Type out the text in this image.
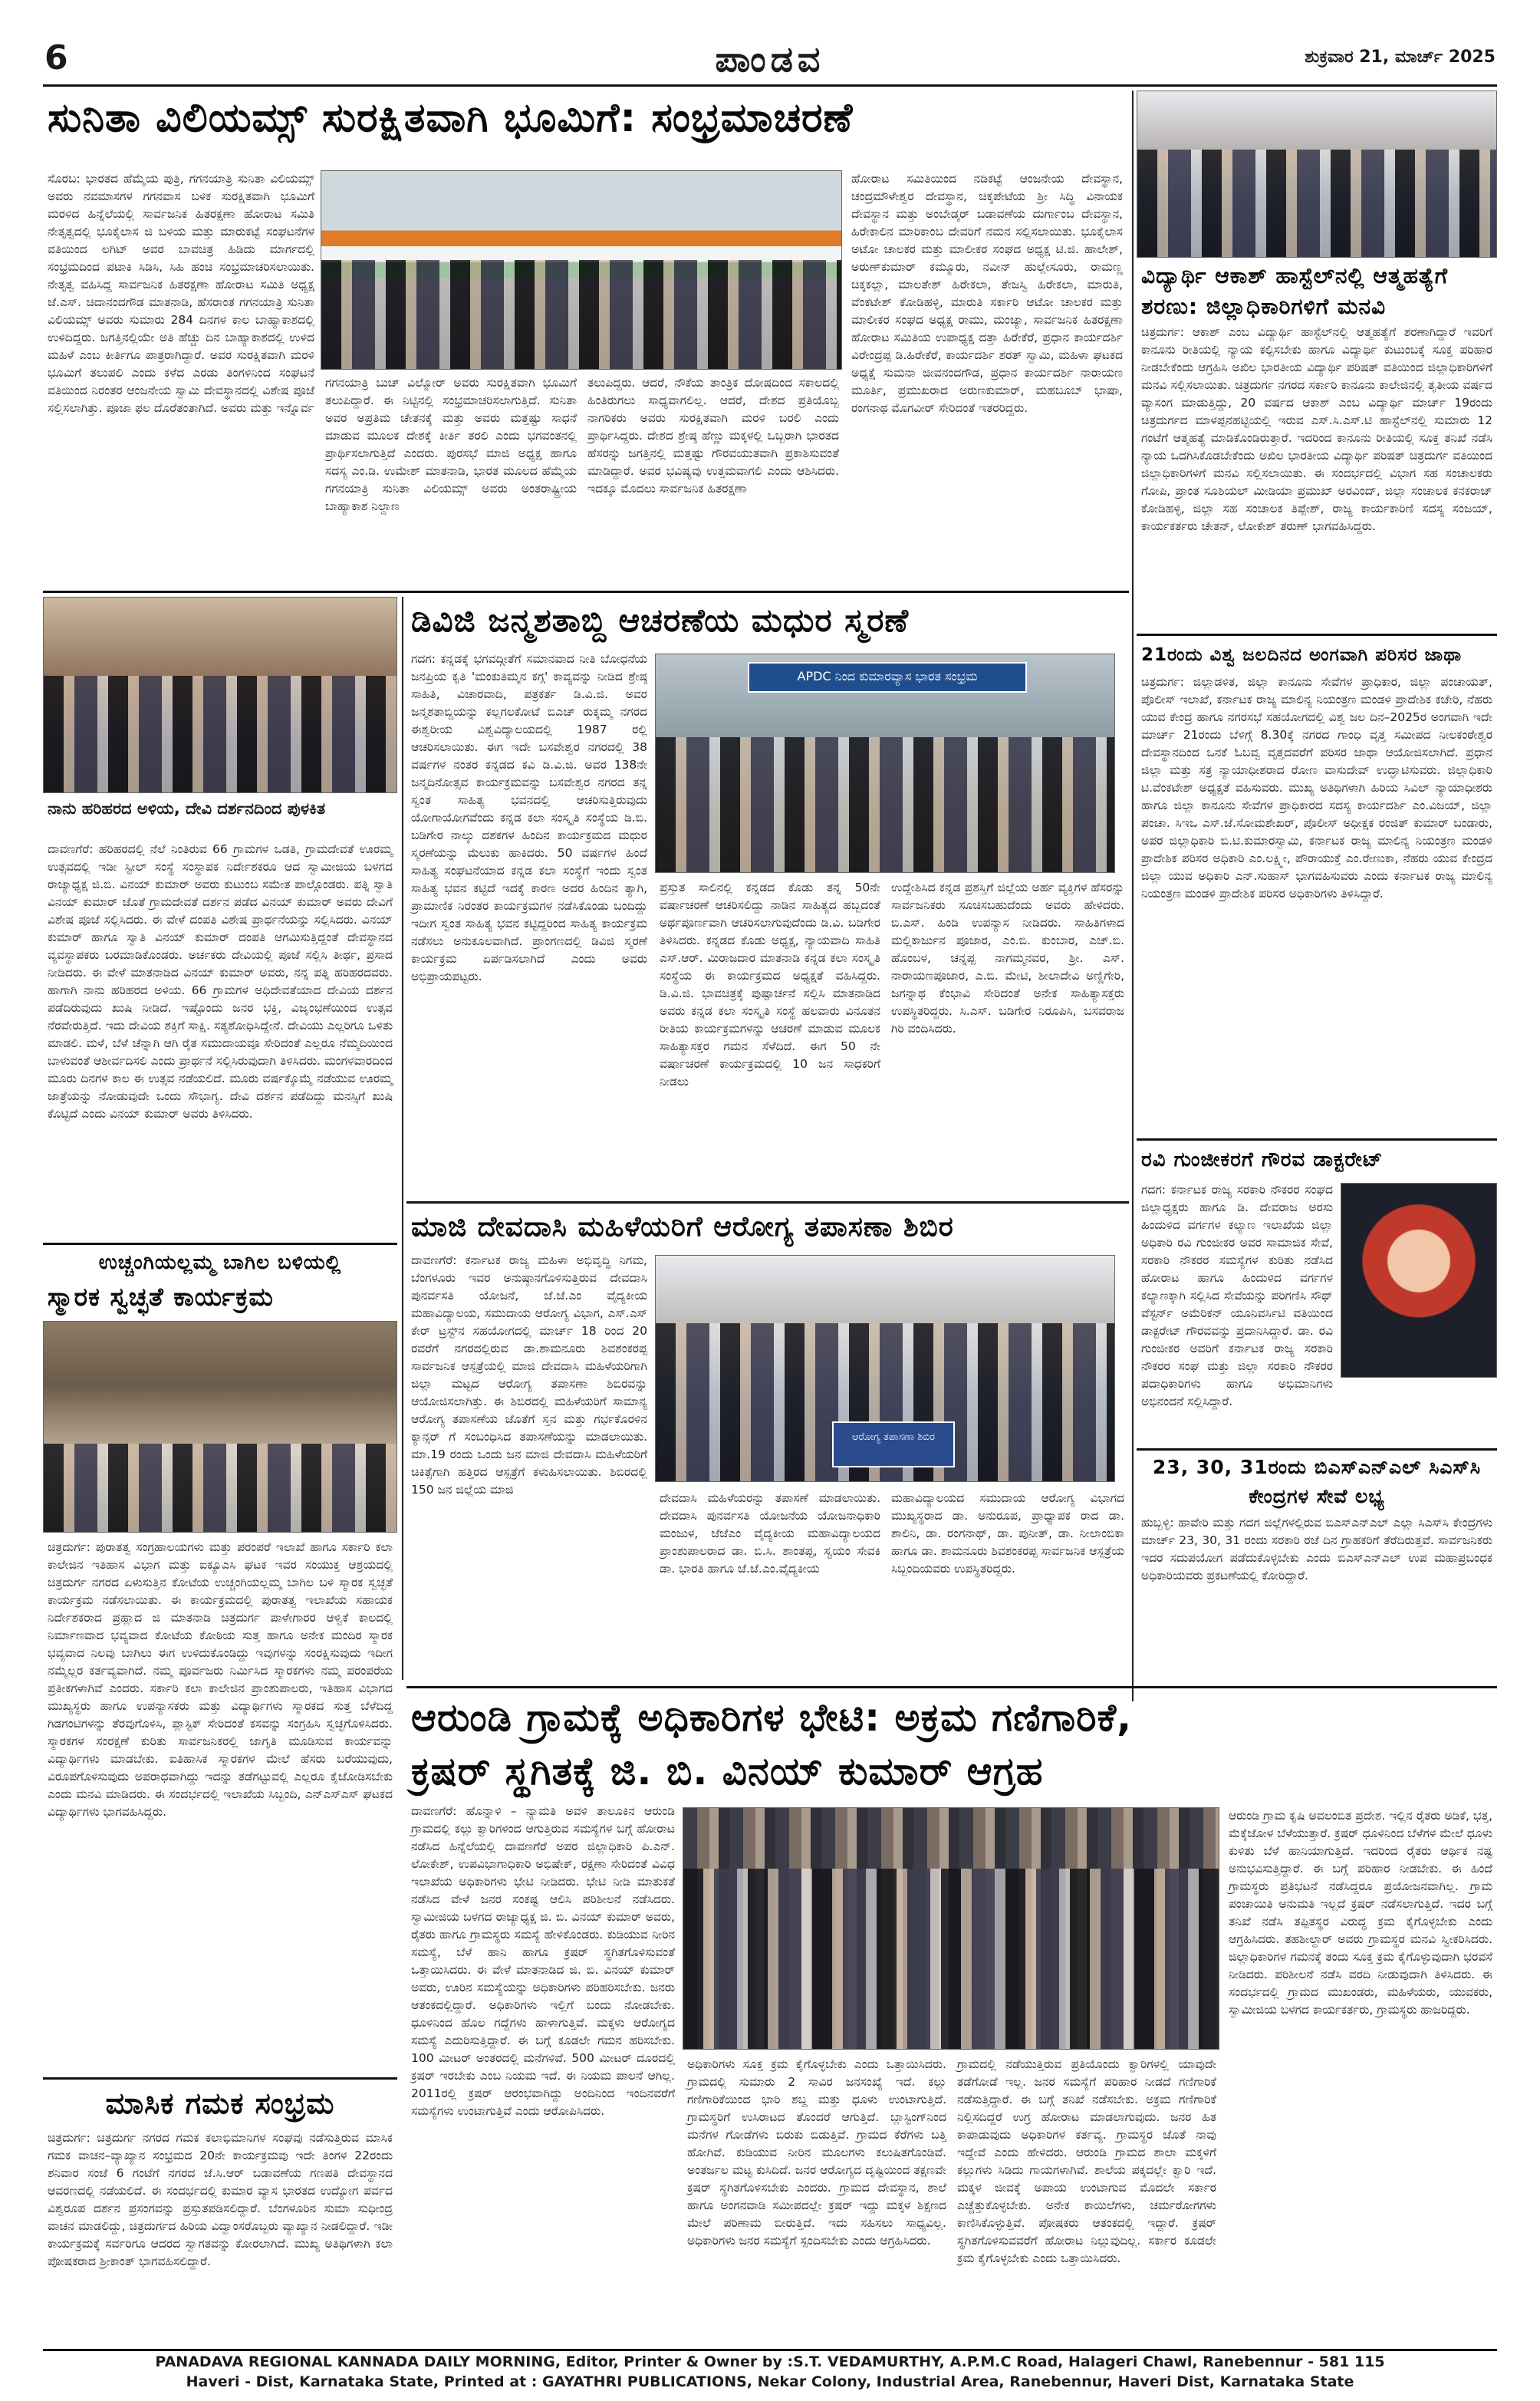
6	ಪಾಂಡವ	ಶುಕ್ರವಾರ 21, ಮಾರ್ಚ್ 2025
ಸುನಿತಾ ವಿಲಿಯಮ್ಸ್ ಸುರಕ್ಷಿತವಾಗಿ ಭೂಮಿಗೆ: ಸಂಭ್ರಮಾಚರಣೆ
ಸೊರಬ: ಭಾರತದ ಹೆಮ್ಮೆಯ ಪುತ್ರಿ, ಗಗನಯಾತ್ರಿ ಸುನಿತಾ ವಿಲಿಯಮ್ಸ್ ಅವರು ನವಮಾಸಗಳ ಗಗನವಾಸ ಬಳಿಕ ಸುರಕ್ಷಿತವಾಗಿ ಭೂಮಿಗೆ ಮರಳಿದ ಹಿನ್ನೆಲೆಯಲ್ಲಿ ಸಾರ್ವಜನಿಕ ಹಿತರಕ್ಷಣಾ ಹೋರಾಟ ಸಮಿತಿ ನೇತೃತ್ವದಲ್ಲಿ ಭೂಕೈಲಾಸ ಜಿ ಬಳಿಯ ಮತ್ತು ಮಾರುಕಟ್ಟೆ ಸಂಘಟನೆಗಳ ವತಿಯಿಂದ ಲಗಿಟ್ ಅವರ ಬಾವಚಿತ್ರ ಹಿಡಿದು ಮಾರ್ಗದಲ್ಲಿ ಸಂಭ್ರಮದಿಂದ ಪಟಾಕಿ ಸಿಡಿಸಿ, ಸಿಹಿ ಹಂಚಿ ಸಂಭ್ರಮಾಚರಿಸಲಾಯಿತು. ನೇತೃತ್ವ ವಹಿಸಿದ್ದ ಸಾರ್ವಜನಿಕ ಹಿತರಕ್ಷಣಾ ಹೋರಾಟ ಸಮಿತಿ ಅಧ್ಯಕ್ಷ ಜೆ.ಎಸ್. ಚಿದಾನಂದಗೌಡ ಮಾತನಾಡಿ, ಹೆಸರಾಂತ ಗಗನಯಾತ್ರಿ ಸುನಿತಾ ವಿಲಿಯಮ್ಸ್ ಅವರು ಸುಮಾರು 284 ದಿನಗಳ ಕಾಲ ಬಾಹ್ಯಾಕಾಶದಲ್ಲಿ ಉಳಿದಿದ್ದರು. ಜಗತ್ತಿನಲ್ಲಿಯೇ ಅತಿ ಹೆಚ್ಚು ದಿನ ಬಾಹ್ಯಾಕಾಶದಲ್ಲಿ ಉಳಿದ ಮಹಿಳೆ ಎಂಬ ಕೀರ್ತಿಗೂ ಪಾತ್ರರಾಗಿದ್ದಾರೆ. ಅವರ ಸುರಕ್ಷಿತವಾಗಿ ಮರಳಿ ಭೂಮಿಗೆ ತಲುಪಲಿ ಎಂದು ಕಳೆದ ಎರಡು ತಿಂಗಳಿನಿಂದ ಸಂಘಟನೆ ವತಿಯಿಂದ ನಿರಂತರ ಆಂಜನೇಯ ಸ್ವಾಮಿ ದೇವಸ್ಥಾನದಲ್ಲಿ ವಿಶೇಷ ಪೂಜೆ ಸಲ್ಲಿಸಲಾಗಿತ್ತು. ಪೂಜಾ ಫಲ ದೊರೆತಂತಾಗಿದೆ. ಅವರು ಮತ್ತು ಇನ್ನೊರ್ವ
ಗಗನಯಾತ್ರಿ ಬುಚ್ ವಿಲ್ಮೋರ್ ಅವರು ಸುರಕ್ಷಿತವಾಗಿ ಭೂಮಿಗೆ ತಲುಪಿದ್ದಾರೆ. ಈ ನಿಟ್ಟಿನಲ್ಲಿ ಸಂಭ್ರಮಾಚರಿಸಲಾಗುತ್ತಿದೆ. ಸುನಿತಾ ಅವರ ಅಪ್ರತಿಮ ಚೇತನಕ್ಕೆ ಮತ್ತು ಅವರು ಮತ್ತಷ್ಟು ಸಾಧನೆ ಮಾಡುವ ಮೂಲಕ ದೇಶಕ್ಕೆ ಕೀರ್ತಿ ತರಲಿ ಎಂದು ಭಗವಂತನಲ್ಲಿ ಪ್ರಾರ್ಥಿಸಲಾಗುತ್ತಿದೆ ಎಂದರು. ಪುರಸಭೆ ಮಾಜಿ ಅಧ್ಯಕ್ಷ ಹಾಗೂ ಸದಸ್ಯ ಎಂ.ಡಿ. ಉಮೇಶ್ ಮಾತನಾಡಿ, ಭಾರತ ಮೂಲದ ಹೆಮ್ಮೆಯ ಗಗನಯಾತ್ರಿ ಸುನಿತಾ ವಿಲಿಯಮ್ಸ್ ಅವರು ಅಂತರಾಷ್ಟ್ರೀಯ ಬಾಹ್ಯಾಕಾಶ ನಿಲ್ದಾಣ
ತಲುಪಿದ್ದರು. ಆದರೆ, ನೌಕೆಯ ತಾಂತ್ರಿಕ ದೋಷದಿಂದ ಸಕಾಲದಲ್ಲಿ ಹಿಂತಿರುಗಲು ಸಾಧ್ಯವಾಗಲಿಲ್ಲ. ಆದರೆ, ದೇಶದ ಪ್ರತಿಯೊಬ್ಬ ನಾಗರಿಕರು ಅವರು ಸುರಕ್ಷಿತವಾಗಿ ಮರಳಿ ಬರಲಿ ಎಂದು ಪ್ರಾರ್ಥಿಸಿದ್ದರು. ದೇಶದ ಶ್ರೇಷ್ಠ ಹೆಣ್ಣು ಮಕ್ಕಳಲ್ಲಿ ಒಬ್ಬರಾಗಿ ಭಾರತದ ಹೆಸರನ್ನು ಜಗತ್ತಿನಲ್ಲಿ ಮತ್ತಷ್ಟು ಗೌರವಯುತವಾಗಿ ಪ್ರಕಾಶಿಸುವಂತೆ ಮಾಡಿದ್ದಾರೆ. ಅವರ ಭವಿಷ್ಯವು ಉತ್ತಮವಾಗಲಿ ಎಂದು ಆಶಿಸಿದರು. ಇದಕ್ಕೂ ಮೊದಲು ಸಾರ್ವಜನಿಕ ಹಿತರಕ್ಷಣಾ
ಹೋರಾಟ ಸಮಿತಿಯಿಂದ ನಡಿಕಟ್ಟೆ ಆಂಜನೇಯ ದೇವಸ್ಥಾನ, ಚಂದ್ರಮೌಳೇಶ್ವರ ದೇವಸ್ಥಾನ, ಚಿಕ್ಕಪೇಟೆಯ ಶ್ರೀ ಸಿದ್ಧಿ ವಿನಾಯಕ ದೇವಸ್ಥಾನ ಮತ್ತು ಅಂಬೇಡ್ಕರ್ ಬಡಾವಣೆಯ ದುರ್ಗಾಂಬ ದೇವಸ್ಥಾನ, ಹಿರೇಕಾಲಿನ ಮಾರಿಕಾಂಬ ದೇವರಿಗೆ ನಮನ ಸಲ್ಲಿಸಲಾಯಿತು. ಭೂಕೈಲಾಸ ಅಟೋ ಚಾಲಕರ ಮತ್ತು ಮಾಲೀಕರ ಸಂಘದ ಅಧ್ಯಕ್ಷ ಟಿ.ಜಿ. ಹಾಲೇಶ್, ಅರುಣ್‌ಕುಮಾರ್ ಕಮ್ಮೂರು, ನವೀನ್ ಹುಲ್ಲೇಸೂರು, ರಾಮಣ್ಣ ಚಿಕ್ಕಕಲ್ಲಾ, ಮಾಲತೇಶ್ ಹಿರೇಕಲಾ, ತೇಜಸ್ವಿ ಹಿರೇಕಲಾ, ಮಾರುತಿ, ವೆಂಕಟೇಶ್ ಕೋಡಿಹಳ್ಳಿ, ಮಾರುತಿ ಸರ್ಕಾರಿ ಆಟೋ ಚಾಲಕರ ಮತ್ತು ಮಾಲೀಕರ ಸಂಘದ ಅಧ್ಯಕ್ಷ ರಾಮು, ಮಂಜ್ಯಾ, ಸಾರ್ವಜನಿಕ ಹಿತರಕ್ಷಣಾ ಹೋರಾಟ ಸಮಿತಿಯ ಉಪಾಧ್ಯಕ್ಷ ದತ್ತಾ ಹಿರೇಕೆರೆ, ಪ್ರಧಾನ ಕಾರ್ಯದರ್ಶಿ ವಿರೇಂದ್ರಪ್ಪ ಡಿ.ಹಿರೇಕೆರೆ, ಕಾರ್ಯದರ್ಶಿ ಶರತ್ ಸ್ವಾಮಿ, ಮಹಿಳಾ ಘಟಕದ ಅಧ್ಯಕ್ಷೆ ಸುಮನಾ ಜೀವನಂದಗೌಡ, ಪ್ರಧಾನ ಕಾರ್ಯದರ್ಶಿ ನಾರಾಯಣ ಮೂರ್ತಿ, ಪ್ರಮುಖರಾದ ಅರುಣಕುಮಾರ್, ಮಹಬೂಬ್ ಭಾಷಾ, ರಂಗನಾಥ ಮೊಗವೀರ್ ಸೇರಿದಂತೆ ಇತರರಿದ್ದರು.
ವಿದ್ಯಾರ್ಥಿ ಆಕಾಶ್ ಹಾಸ್ಟೆಲ್‌ನಲ್ಲಿ ಆತ್ಮಹತ್ಯೆಗೆ ಶರಣು: ಜಿಲ್ಲಾಧಿಕಾರಿಗಳಿಗೆ ಮನವಿ
ಚಿತ್ರದುರ್ಗ: ಆಕಾಶ್ ಎಂಬ ವಿದ್ಯಾರ್ಥಿ ಹಾಸ್ಟೆಲ್‌ನಲ್ಲಿ ಆತ್ಮಹತ್ಯೆಗೆ ಶರಣಾಗಿದ್ದಾರೆ ಇವರಿಗೆ ಕಾನೂನು ರೀತಿಯಲ್ಲಿ ನ್ಯಾಯ ಕಲ್ಪಿಸಬೇಕು ಹಾಗೂ ವಿದ್ಯಾರ್ಥಿ ಕುಟುಂಬಕ್ಕೆ ಸೂಕ್ತ ಪರಿಹಾರ ನೀಡಬೇಕೆಂದು ಆಗ್ರಹಿಸಿ ಅಖಿಲ ಭಾರತೀಯ ವಿದ್ಯಾರ್ಥಿ ಪರಿಷತ್ ವತಿಯಿಂದ ಜಿಲ್ಲಾಧಿಕಾರಿಗಳಿಗೆ ಮನವಿ ಸಲ್ಲಿಸಲಾಯಿತು. ಚಿತ್ರದುರ್ಗ ನಗರದ ಸರ್ಕಾರಿ ಕಾನೂನು ಕಾಲೇಜಿನಲ್ಲಿ ತೃತೀಯ ವರ್ಷದ ವ್ಯಾಸಂಗ ಮಾಡುತ್ತಿದ್ದು, 20 ವರ್ಷದ ಆಕಾಶ್ ಎಂಬ ವಿದ್ಯಾರ್ಥಿ ಮಾರ್ಚ್ 19ರಂದು ಚಿತ್ರದುರ್ಗದ ಮಾಳಪ್ಪನಹಟ್ಟಿಯಲ್ಲಿ ಇರುವ ಎಸ್.ಸಿ.ಎಸ್.ಟಿ ಹಾಸ್ಟೆಲ್‌ನಲ್ಲಿ ಸುಮಾರು 12 ಗಂಟೆಗೆ ಆತ್ಮಹತ್ಯೆ ಮಾಡಿಕೊಂಡಿರುತ್ತಾರೆ. ಇದರಿಂದ ಕಾನೂನು ರೀತಿಯಲ್ಲಿ ಸೂಕ್ತ ತನಿಖೆ ನಡೆಸಿ ನ್ಯಾಯ ಒದಗಿಸಿಕೊಡಬೇಕೆಂದು ಅಖಿಲ ಭಾರತೀಯ ವಿದ್ಯಾರ್ಥಿ ಪರಿಷತ್ ಚಿತ್ರದುರ್ಗ ವತಿಯಿಂದ ಜಿಲ್ಲಾಧಿಕಾರಿಗಳಿಗೆ ಮನವಿ ಸಲ್ಲಿಸಲಾಯಿತು. ಈ ಸಂದರ್ಭದಲ್ಲಿ ವಿಭಾಗ ಸಹ ಸಂಚಾಲಕರು ಗೋಪಿ, ಪ್ರಾಂತ ಸೂಶಿಯಲ್ ಮೀಡಿಯಾ ಪ್ರಮುಖ್ ಅರವಿಂದ್, ಜಿಲ್ಲಾ ಸಂಚಾಲಕ ಕನಕರಾಜ್ ಕೋಡಿಹಳ್ಳಿ, ಜಿಲ್ಲಾ ಸಹ ಸಂಚಾಲಕ ತಿಪ್ಪೇಶ್, ರಾಜ್ಯ ಕಾರ್ಯಕಾರಿಣಿ ಸದಸ್ಯ ಸಂಜಯ್, ಕಾರ್ಯಕರ್ತರು ಚೇತನ್, ಲೋಕೇಶ್ ತರುಣ್ ಭಾಗವಹಿಸಿದ್ದರು.
ನಾನು ಹರಿಹರದ ಅಳಿಯ, ದೇವಿ ದರ್ಶನದಿಂದ ಪುಳಕಿತ
ದಾವಣಗೆರೆ: ಹರಿಹರದಲ್ಲಿ ನೆಲೆ ನಿಂತಿರುವ 66 ಗ್ರಾಮಗಳ ಒಡತಿ, ಗ್ರಾಮದೇವತೆ ಊರಮ್ಮ ಉತ್ಸವದಲ್ಲಿ ಇಡೀ ಸ್ಟೀಲ್ ಸಂಸ್ಥೆ ಸಂಸ್ಥಾಪಕ ನಿರ್ದೇಶಕರೂ ಆದ ಸ್ವಾಮೀಜಿಯ ಬಳಗದ ರಾಜ್ಯಾಧ್ಯಕ್ಷ ಜಿ.ಬಿ. ವಿನಯ್ ಕುಮಾರ್ ಅವರು ಕುಟುಂಬ ಸಮೇತ ಪಾಲ್ಗೊಂಡರು. ಪತ್ನಿ ಸ್ವಾತಿ ವಿನಯ್ ಕುಮಾರ್ ಜೊತೆ ಗ್ರಾಮದೇವತೆ ದರ್ಶನ ಪಡೆದ ವಿನಯ್ ಕುಮಾರ್ ಅವರು ದೇವಿಗೆ ವಿಶೇಷ ಪೂಜೆ ಸಲ್ಲಿಸಿದರು. ಈ ವೇಳೆ ದಂಪತಿ ವಿಶೇಷ ಪ್ರಾರ್ಥನೆಯನ್ನು ಸಲ್ಲಿಸಿದರು. ವಿನಯ್ ಕುಮಾರ್ ಹಾಗೂ ಸ್ವಾತಿ ವಿನಯ್ ಕುಮಾರ್ ದಂಪತಿ ಆಗಮಿಸುತ್ತಿದ್ದಂತೆ ದೇವಸ್ಥಾನದ ವ್ಯವಸ್ಥಾಪಕರು ಬರಮಾಡಿಕೊಂಡರು. ಅರ್ಚಕರು ದೇವಿಯಲ್ಲಿ ಪೂಜೆ ಸಲ್ಲಿಸಿ ತೀರ್ಥ, ಪ್ರಸಾದ ನೀಡಿದರು. ಈ ವೇಳೆ ಮಾತನಾಡಿದ ವಿನಯ್ ಕುಮಾರ್ ಅವರು, ನನ್ನ ಪತ್ನಿ ಹರಿಹರದವರು. ಹಾಗಾಗಿ ನಾನು ಹರಿಹರದ ಅಳಿಯ. 66 ಗ್ರಾಮಗಳ ಅಧಿದೇವತೆಯಾದ ದೇವಿಯ ದರ್ಶನ ಪಡೆದಿರುವುದು ಖುಷಿ ನೀಡಿದೆ. ಇಷ್ಟೊಂದು ಜನರ ಭಕ್ತಿ, ವಿಜೃಂಭಣೆಯಿಂದ ಉತ್ಸವ ನೆರವೇರುತ್ತಿದೆ. ಇದು ದೇವಿಯ ಶಕ್ತಿಗೆ ಸಾಕ್ಷಿ. ಸತ್ಯಶೋಧಿಸಿದ್ದೇನೆ. ದೇವಿಯು ಎಲ್ಲರಿಗೂ ಒಳಿತು ಮಾಡಲಿ. ಮಳೆ, ಬೆಳೆ ಚೆನ್ನಾಗಿ ಆಗಿ ರೈತ ಸಮುದಾಯವೂ ಸೇರಿದಂತೆ ಎಲ್ಲರೂ ನೆಮ್ಮದಿಯಿಂದ ಬಾಳುವಂತೆ ಆಶೀರ್ವದಿಸಲಿ ಎಂದು ಪ್ರಾರ್ಥನೆ ಸಲ್ಲಿಸಿರುವುದಾಗಿ ತಿಳಿಸಿದರು. ಮಂಗಳವಾರದಿಂದ ಮೂರು ದಿನಗಳ ಕಾಲ ಈ ಉತ್ಸವ ನಡೆಯಲಿದೆ. ಮೂರು ವರ್ಷಕ್ಕೊಮ್ಮೆ ನಡೆಯುವ ಊರಮ್ಮ ಜಾತ್ರೆಯನ್ನು ನೋಡುವುದೇ ಒಂದು ಸೌಭಾಗ್ಯ. ದೇವಿ ದರ್ಶನ ಪಡೆದಿದ್ದು ಮನಸ್ಸಿಗೆ ಖುಷಿ ಕೊಟ್ಟಿದೆ ಎಂದು ವಿನಯ್ ಕುಮಾರ್ ಅವರು ತಿಳಿಸಿದರು.
ಡಿವಿಜಿ ಜನ್ಮಶತಾಬ್ದಿ ಆಚರಣೆಯ ಮಧುರ ಸ್ಮರಣೆ
ಗದಗ: ಕನ್ನಡಕ್ಕೆ ಭಗವದ್ಗೀತೆಗೆ ಸಮಾನವಾದ ನೀತಿ ಬೋಧನೆಯ ಜನಪ್ರಿಯ ಕೃತಿ 'ಮಂಕುತಿಮ್ಮನ ಕಗ್ಗ' ಕಾವ್ಯವನ್ನು ನೀಡಿದ ಶ್ರೇಷ್ಠ ಸಾಹಿತಿ, ವಿಚಾರವಾದಿ, ಪತ್ರಕರ್ತ ಡಿ.ವಿ.ಜಿ. ಅವರ ಜನ್ಮಶತಾಬ್ದಿಯನ್ನು ಕಲ್ಲಗಲಕೋಟೆ ಬಿಎಚ್ ರುಕ್ಕಮ್ಮ ನಗರದ ಈಶ್ವರೀಯ ವಿಶ್ವವಿದ್ಯಾಲಯದಲ್ಲಿ 1987 ರಲ್ಲಿ ಆಚರಿಸಲಾಯಿತು. ಈಗ ಇದೇ ಬಸವೇಶ್ವರ ನಗರದಲ್ಲಿ 38 ವರ್ಷಗಳ ನಂತರ ಕನ್ನಡದ ಕವಿ ಡಿ.ವಿ.ಜಿ. ಅವರ 138ನೇ ಜನ್ಮದಿನೋತ್ಸವ ಕಾರ್ಯಕ್ರಮವನ್ನು ಬಸವೇಶ್ವರ ನಗರದ ತನ್ನ ಸ್ವಂತ ಸಾಹಿತ್ಯ ಭವನದಲ್ಲಿ ಆಚರಿಸುತ್ತಿರುವುದು ಯೋಗಾಯೋಗವೆಂದು ಕನ್ನಡ ಕಲಾ ಸಂಸ್ಕೃತಿ ಸಂಸ್ಥೆಯ ಡಿ.ಬಿ. ಬಡಿಗೇರ ನಾಲ್ಕು ದಶಕಗಳ ಹಿಂದಿನ ಕಾರ್ಯಕ್ರಮದ ಮಧುರ ಸ್ಮರಣೆಯನ್ನು ಮೆಲುಕು ಹಾಕಿದರು. 50 ವರ್ಷಗಳ ಹಿಂದೆ ಸಾಹಿತ್ಯ ಸಂಘಟನೆಯಾದ ಕನ್ನಡ ಕಲಾ ಸಂಸ್ಥೆಗೆ ಇಂದು ಸ್ವಂತ ಸಾಹಿತ್ಯ ಭವನ ಕಟ್ಟಿದೆ ಇದಕ್ಕೆ ಕಾರಣ ಅದರ ಹಿಂದಿನ ತ್ಯಾಗಿ, ಪ್ರಾಮಾಣಿಕ ನಿರಂತರ ಕಾರ್ಯಕ್ರಮಗಳ ನಡೆಸಿಕೊಂಡು ಬಂದಿದ್ದು ಇದೀಗ ಸ್ವಂತ ಸಾಹಿತ್ಯ ಭವನ ಕಟ್ಟಿದ್ದರಿಂದ ಸಾಹಿತ್ಯ ಕಾರ್ಯಕ್ರಮ ನಡೆಸಲು ಅನುಕೂಲವಾಗಿದೆ. ಪ್ರಾಂಗಣದಲ್ಲಿ ಡಿವಿಜಿ ಸ್ಮರಣೆ ಕಾರ್ಯಕ್ರಮ ಏರ್ಪಡಿಸಲಾಗಿದೆ ಎಂದು ಅವರು ಅಭಿಪ್ರಾಯಪಟ್ಟರು.
APDC ನಿಂದ ಕುಮಾರವ್ಯಾಸ ಭಾರತ ಸಂಭ್ರಮ
ಪ್ರಸ್ತುತ ಸಾಲಿನಲ್ಲಿ ಕನ್ನಡದ ಕೊಡು ತನ್ನ 50ನೇ ವರ್ಷಾಚರಣೆ ಆಚರಿಸಲಿದ್ದು ನಾಡಿನ ಸಾಹಿತ್ಯದ ಹಬ್ಬದಂತೆ ಅರ್ಥಪೂರ್ಣವಾಗಿ ಆಚರಿಸಲಾಗುವುದೆಂದು ಡಿ.ವಿ. ಬಡಿಗೇರ ತಿಳಿಸಿದರು. ಕನ್ನಡದ ಕೊಡು ಅಧ್ಯಕ್ಷ, ನ್ಯಾಯವಾದಿ ಸಾಹಿತಿ ಎಸ್.ಆರ್. ಮಿರಾಜದಾರ ಮಾತನಾಡಿ ಕನ್ನಡ ಕಲಾ ಸಂಸ್ಕೃತಿ ಸಂಸ್ಥೆಯ ಈ ಕಾರ್ಯಕ್ರಮದ ಅಧ್ಯಕ್ಷತೆ ವಹಿಸಿದ್ದರು. ಡಿ.ವಿ.ಜಿ. ಭಾವಚಿತ್ರಕ್ಕೆ ಪುಷ್ಪಾರ್ಚನೆ ಸಲ್ಲಿಸಿ ಮಾತನಾಡಿದ ಅವರು ಕನ್ನಡ ಕಲಾ ಸಂಸ್ಕೃತಿ ಸಂಸ್ಥೆ ಹಲವಾರು ವಿನೂತನ ರೀತಿಯ ಕಾರ್ಯಕ್ರಮಗಳನ್ನು ಆಚರಣೆ ಮಾಡುವ ಮೂಲಕ ಸಾಹಿತ್ಯಾಸಕ್ತರ ಗಮನ ಸೆಳೆದಿದೆ. ಈಗ 50 ನೇ ವರ್ಷಾಚರಣೆ ಕಾರ್ಯಕ್ರಮದಲ್ಲಿ 10 ಜನ ಸಾಧಕರಿಗೆ ನೀಡಲು
ಉದ್ದೇಶಿಸಿದ ಕನ್ನಡ ಪ್ರಶಸ್ತಿಗೆ ಜಿಲ್ಲೆಯ ಅರ್ಹ ವ್ಯಕ್ತಿಗಳ ಹೆಸರನ್ನು ಸಾರ್ವಜನಿಕರು ಸೂಚಿಸಬಹುದೆಂದು ಅವರು ಹೇಳಿದರು. ಬಿ.ಎಸ್. ಹಿಂಡಿ ಉಪನ್ಯಾಸ ನೀಡಿದರು. ಸಾಹಿತಿಗಳಾದ ಮಲ್ಲಿಕಾರ್ಜುನ ಪೂಜಾರ, ಎಂ.ಬಿ. ಕುಂಬಾರ, ಎಚ್.ಬಿ. ಹೊಂಬಳ, ಚನ್ನಪ್ಪ ನಾಗಮ್ಮನವರ, ಶ್ರೀ. ಎಸ್. ನಾರಾಯಣಪೂಜಾರ, ಎ.ಬಿ. ಮೇಟಿ, ಶೀಲಾದೇವಿ ಅಣ್ಣಿಗೇರಿ, ಜಗನ್ನಾಥ ಕೆಂಭಾವಿ ಸೇರಿದಂತೆ ಅನೇಕ ಸಾಹಿತ್ಯಾಸಕ್ತರು ಉಪಸ್ಥಿತರಿದ್ದರು. ಸಿ.ಎಸ್. ಬಡಿಗೇರ ನಿರೂಪಿಸಿ, ಬಸವರಾಜ ಗಿರಿ ವಂದಿಸಿದರು.
21ರಂದು ವಿಶ್ವ ಜಲದಿನದ ಅಂಗವಾಗಿ ಪರಿಸರ ಜಾಥಾ
ಚಿತ್ರದುರ್ಗ: ಜಿಲ್ಲಾಡಳಿತ, ಜಿಲ್ಲಾ ಕಾನೂನು ಸೇವೆಗಳ ಪ್ರಾಧಿಕಾರ, ಜಿಲ್ಲಾ ಪಂಚಾಯತ್, ಪೊಲೀಸ್ ಇಲಾಖೆ, ಕರ್ನಾಟಕ ರಾಜ್ಯ ಮಾಲಿನ್ಯ ನಿಯಂತ್ರಣ ಮಂಡಳಿ ಪ್ರಾದೇಶಿಕ ಕಚೇರಿ, ನೆಹರು ಯುವ ಕೇಂದ್ರ ಹಾಗೂ ನಗರಸಭೆ ಸಹಯೋಗದಲ್ಲಿ ವಿಶ್ವ ಜಲ ದಿನ–2025ರ ಅಂಗವಾಗಿ ಇದೇ ಮಾರ್ಚ್ 21ರಂದು ಬೆಳಿಗ್ಗೆ 8.30ಕ್ಕೆ ನಗರದ ಗಾಂಧಿ ವೃತ್ತ ಸಮೀಪದ ನೀಲಕಂಠೇಶ್ವರ ದೇವಸ್ಥಾನದಿಂದ ಒನಕೆ ಓಬವ್ವ ವೃತ್ತದವರೆಗೆ ಪರಿಸರ ಜಾಥಾ ಆಯೋಜಿಸಲಾಗಿದೆ. ಪ್ರಧಾನ ಜಿಲ್ಲಾ ಮತ್ತು ಸತ್ರ ನ್ಯಾಯಾಧೀಶರಾದ ರೋಣ ವಾಸುದೇವ್ ಉದ್ಘಾಟಿಸುವರು. ಜಿಲ್ಲಾಧಿಕಾರಿ ಟಿ.ವೆಂಕಟೇಶ್ ಅಧ್ಯಕ್ಷತೆ ವಹಿಸುವರು. ಮುಖ್ಯ ಅತಿಥಿಗಳಾಗಿ ಹಿರಿಯ ಸಿವಿಲ್ ನ್ಯಾಯಾಧೀಶರು ಹಾಗೂ ಜಿಲ್ಲಾ ಕಾನೂನು ಸೇವೆಗಳ ಪ್ರಾಧಿಕಾರದ ಸದಸ್ಯ ಕಾರ್ಯದರ್ಶಿ ಎಂ.ವಿಜಯ್, ಜಿಲ್ಲಾ ಪಂಚಾ. ಸಿಇಒ ಎಸ್.ಜೆ.ಸೋಮಶೇಖರ್, ಪೊಲೀಸ್ ಅಧೀಕ್ಷಕ ರಂಜಿತ್ ಕುಮಾರ್ ಬಂಡಾರು, ಅಪರ ಜಿಲ್ಲಾಧಿಕಾರಿ ಬಿ.ಟಿ.ಕುಮಾರಸ್ವಾಮಿ, ಕರ್ನಾಟಕ ರಾಜ್ಯ ಮಾಲಿನ್ಯ ನಿಯಂತ್ರಣ ಮಂಡಳಿ ಪ್ರಾದೇಶಿಕ ಪರಿಸರ ಅಧಿಕಾರಿ ಎಂ.ಲಕ್ಷ್ಮೀ, ಪೌರಾಯುಕ್ತೆ ಎಂ.ರೇಣುಕಾ, ನೆಹರು ಯುವ ಕೇಂದ್ರದ ಜಿಲ್ಲಾ ಯುವ ಅಧಿಕಾರಿ ಎನ್.ಸುಹಾಸ್ ಭಾಗವಹಿಸುವರು ಎಂದು ಕರ್ನಾಟಕ ರಾಜ್ಯ ಮಾಲಿನ್ಯ ನಿಯಂತ್ರಣ ಮಂಡಳಿ ಪ್ರಾದೇಶಿಕ ಪರಿಸರ ಅಧಿಕಾರಿಗಳು ತಿಳಿಸಿದ್ದಾರೆ.
ರವಿ ಗುಂಜೀಕರಗೆ ಗೌರವ ಡಾಕ್ಟರೇಟ್
ಗದಗ: ಕರ್ನಾಟಕ ರಾಜ್ಯ ಸರಕಾರಿ ನೌಕರರ ಸಂಘದ ಜಿಲ್ಲಾಧ್ಯಕ್ಷರು ಹಾಗೂ ಡಿ. ದೇವರಾಜ ಅರಸು ಹಿಂದುಳಿದ ವರ್ಗಗಳ ಕಲ್ಯಾಣ ಇಲಾಖೆಯ ಜಿಲ್ಲಾ ಅಧಿಕಾರಿ ರವಿ ಗುಂಜೀಕರ ಅವರ ಸಾಮಾಜಿಕ ಸೇವೆ, ಸರಕಾರಿ ನೌಕರರ ಸಮಸ್ಯೆಗಳ ಕುರಿತು ನಡೆಸಿದ ಹೋರಾಟ ಹಾಗೂ ಹಿಂದುಳಿದ ವರ್ಗಗಳ ಕಲ್ಯಾಣಕ್ಕಾಗಿ ಸಲ್ಲಿಸಿದ ಸೇವೆಯನ್ನು ಪರಿಗಣಿಸಿ ಸೌಥ್ ವೆಸ್ಟರ್ನ್ ಅಮೆರಿಕನ್ ಯೂನಿವರ್ಸಿಟಿ ವತಿಯಿಂದ ಡಾಕ್ಟರೇಟ್ ಗೌರವವನ್ನು ಪ್ರದಾನಿಸಿದ್ದಾರೆ. ಡಾ. ರವಿ ಗುಂಜೀಕರ ಅವರಿಗೆ ಕರ್ನಾಟಕ ರಾಜ್ಯ ಸರಕಾರಿ ನೌಕರರ ಸಂಘ ಮತ್ತು ಜಿಲ್ಲಾ ಸರಕಾರಿ ನೌಕರರ ಪದಾಧಿಕಾರಿಗಳು ಹಾಗೂ ಅಭಿಮಾನಿಗಳು ಅಭಿನಂದನೆ ಸಲ್ಲಿಸಿದ್ದಾರೆ.
23, 30, 31ರಂದು ಬಿಎಸ್‌ಎನ್‌ಎಲ್ ಸಿಎಸ್‌ಸಿ ಕೇಂದ್ರಗಳ ಸೇವೆ ಲಭ್ಯ
ಹುಬ್ಬಳ್ಳಿ: ಹಾವೇರಿ ಮತ್ತು ಗದಗ ಜಿಲ್ಲೆಗಳಲ್ಲಿರುವ ಬಿಎಸ್‌ಎನ್‌ಎಲ್ ಎಲ್ಲಾ ಸಿಎಸ್‌ಸಿ ಕೇಂದ್ರಗಳು ಮಾರ್ಚ್ 23, 30, 31 ರಂದು ಸರಕಾರಿ ರಜೆ ದಿನ ಗ್ರಾಹಕರಿಗೆ ತೆರೆದಿರುತ್ತವೆ. ಸಾರ್ವಜನಿಕರು ಇದರ ಸದುಪಯೋಗ ಪಡೆದುಕೊಳ್ಳಬೇಕು ಎಂದು ಬಿಎಸ್‌ಎನ್‌ಎಲ್ ಉಪ ಮಹಾಪ್ರಬಂಧಕ ಅಧಿಕಾರಿಯವರು ಪ್ರಕಟಣೆಯಲ್ಲಿ ಕೋರಿದ್ದಾರೆ.
ಮಾಜಿ ದೇವದಾಸಿ ಮಹಿಳೆಯರಿಗೆ ಆರೋಗ್ಯ ತಪಾಸಣಾ ಶಿಬಿರ
ದಾವಣಗೆರೆ: ಕರ್ನಾಟಕ ರಾಜ್ಯ ಮಹಿಳಾ ಅಭಿವೃದ್ಧಿ ನಿಗಮ, ಬೆಂಗಳೂರು ಇವರ ಅನುಷ್ಠಾನಗೊಳಿಸುತ್ತಿರುವ ದೇವದಾಸಿ ಪುನರ್ವಸತಿ ಯೋಜನೆ, ಜೆ.ಜೆ.ಎಂ ವೈದ್ಯಕೀಯ ಮಹಾವಿದ್ಯಾಲಯ, ಸಮುದಾಯ ಆರೋಗ್ಯ ವಿಭಾಗ, ಎಸ್.ಎಸ್ ಕೇರ್ ಟ್ರಸ್ಟ್‌ನ ಸಹಯೋಗದಲ್ಲಿ ಮಾರ್ಚ್ 18 ರಿಂದ 20 ರವರೆಗೆ ನಗರದಲ್ಲಿರುವ ಡಾ.ಶಾಮನೂರು ಶಿವಶಂಕರಪ್ಪ ಸಾರ್ವಜನಿಕ ಆಸ್ಪತ್ರೆಯಲ್ಲಿ ಮಾಜಿ ದೇವದಾಸಿ ಮಹಿಳೆಯರಿಗಾಗಿ ಜಿಲ್ಲಾ ಮಟ್ಟದ ಆರೋಗ್ಯ ತಪಾಸಣಾ ಶಿಬಿರವನ್ನು ಆಯೋಜಿಸಲಾಗಿತ್ತು. ಈ ಶಿಬಿರದಲ್ಲಿ ಮಹಿಳೆಯರಿಗೆ ಸಾಮಾನ್ಯ ಆರೋಗ್ಯ ತಪಾಸಣೆಯ ಜೊತೆಗೆ ಸ್ತನ ಮತ್ತು ಗರ್ಭಕೊರಳಿನ ಕ್ಯಾನ್ಸರ್ ಗೆ ಸಂಬಂಧಿಸಿದ ತಪಾಸಣೆಯನ್ನು ಮಾಡಲಾಯಿತು. ಮಾ.19 ರಂದು ಒಂದು ಜನ ಮಾಜಿ ದೇವದಾಸಿ ಮಹಿಳೆಯರಿಗೆ ಚಿಕಿತ್ಸೆಗಾಗಿ ಹತ್ತಿರದ ಆಸ್ಪತ್ರೆಗೆ ಕಳುಹಿಸಲಾಯಿತು. ಶಿಬಿರದಲ್ಲಿ 150 ಜನ ಜಿಲ್ಲೆಯ ಮಾಜಿ
ಆರೋಗ್ಯ ತಪಾಸಣಾ ಶಿಬಿರ
ದೇವದಾಸಿ ಮಹಿಳೆಯರನ್ನು ತಪಾಸಣೆ ಮಾಡಲಾಯಿತು. ದೇವದಾಸಿ ಪುನರ್ವಸತಿ ಯೋಜನೆಯ ಯೋಜನಾಧಿಕಾರಿ ಮಂಜುಳ, ಜೆಜೆಎಂ ವೈದ್ಯಕೀಯ ಮಹಾವಿದ್ಯಾಲಯದ ಪ್ರಾಂಶುಪಾಲರಾದ ಡಾ. ಬಿ.ಸಿ. ಶಾಂತಪ್ಪ, ಸ್ವಯಂ ಸೇವಕಿ ಡಾ. ಭಾರತಿ ಹಾಗೂ ಜೆ.ಜೆ.ಎಂ.ವೈದ್ಯಕೀಯ
ಮಹಾವಿದ್ಯಾಲಯದ ಸಮುದಾಯ ಆರೋಗ್ಯ ವಿಭಾಗದ ಮುಖ್ಯಸ್ಥರಾದ ಡಾ. ಅನುರೂಪ, ಪ್ರಾಧ್ಯಾಪಕ ರಾದ ಡಾ. ಶಾಲಿನಿ, ಡಾ. ರಂಗನಾಥ್, ಡಾ. ಪುನೀತ್, ಡಾ. ನೀಲಾಂಬಿಕಾ ಹಾಗೂ ಡಾ. ಶಾಮನೂರು ಶಿವಶಂಕರಪ್ಪ ಸಾರ್ವಜನಿಕ ಆಸ್ಪತ್ರೆಯ ಸಿಬ್ಬಂದಿಯವರು ಉಪಸ್ಥಿತರಿದ್ದರು.
ಉಚ್ಚಂಗಿಯಲ್ಲಮ್ಮ ಬಾಗಿಲ ಬಳಿಯಲ್ಲಿ
ಸ್ಮಾರಕ ಸ್ವಚ್ಛತೆ ಕಾರ್ಯಕ್ರಮ
ಚಿತ್ರದುರ್ಗ: ಪುರಾತತ್ವ ಸಂಗ್ರಹಾಲಯಗಳು ಮತ್ತು ಪರಂಪರೆ ಇಲಾಖೆ ಹಾಗೂ ಸರ್ಕಾರಿ ಕಲಾ ಕಾಲೇಜಿನ ಇತಿಹಾಸ ವಿಭಾಗ ಮತ್ತು ಐಕ್ಯೂಎಸಿ ಘಟಕ ಇವರ ಸಂಯುಕ್ತ ಆಶ್ರಯದಲ್ಲಿ ಚಿತ್ರದುರ್ಗ ನಗರದ ಏಳುಸುತ್ತಿನ ಕೋಟೆಯ ಉಚ್ಚಂಗಿಯಲ್ಲಮ್ಮ ಬಾಗಿಲ ಬಳಿ ಸ್ಮಾರಕ ಸ್ವಚ್ಛತೆ ಕಾರ್ಯಕ್ರಮ ನಡೆಸಲಾಯಿತು. ಈ ಕಾರ್ಯಕ್ರಮದಲ್ಲಿ ಪುರಾತತ್ವ ಇಲಾಖೆಯ ಸಹಾಯಕ ನಿರ್ದೇಶಕರಾದ ಪ್ರಹ್ಲಾದ ಜಿ ಮಾತನಾಡಿ ಚಿತ್ರದುರ್ಗ ಪಾಳೇಗಾರರ ಆಳ್ವಿಕೆ ಕಾಲದಲ್ಲಿ ನಿರ್ಮಾಣವಾದ ಭವ್ಯವಾದ ಕೋಟೆಯ ಕೋಠಿಯ ಸುತ್ತ ಹಾಗೂ ಅನೇಕ ಮಂದಿರ ಸ್ಮಾರಕ ಭವ್ಯವಾದ ನಿಲವು ಬಾಗಿಲು ಈಗ ಉಳಿದುಕೊಂಡಿದ್ದು ಇವುಗಳನ್ನು ಸಂರಕ್ಷಿಸುವುದು ಇದೀಗ ನಮ್ಮೆಲ್ಲರ ಕರ್ತವ್ಯವಾಗಿದೆ. ನಮ್ಮ ಪೂರ್ವಜರು ನಿರ್ಮಿಸಿದ ಸ್ಮಾರಕಗಳು ನಮ್ಮ ಪರಂಪರೆಯ ಪ್ರತೀಕಗಳಾಗಿವೆ ಎಂದರು. ಸರ್ಕಾರಿ ಕಲಾ ಕಾಲೇಜಿನ ಪ್ರಾಂಶುಪಾಲರು, ಇತಿಹಾಸ ವಿಭಾಗದ ಮುಖ್ಯಸ್ಥರು ಹಾಗೂ ಉಪನ್ಯಾಸಕರು ಮತ್ತು ವಿದ್ಯಾರ್ಥಿಗಳು ಸ್ಮಾರಕದ ಸುತ್ತ ಬೆಳೆದಿದ್ದ ಗಿಡಗಂಟಿಗಳನ್ನು ತೆರವುಗೊಳಿಸಿ, ಪ್ಲಾಸ್ಟಿಕ್ ಸೇರಿದಂತೆ ಕಸವನ್ನು ಸಂಗ್ರಹಿಸಿ ಸ್ವಚ್ಛಗೊಳಿಸಿದರು. ಸ್ಮಾರಕಗಳ ಸಂರಕ್ಷಣೆ ಕುರಿತು ಸಾರ್ವಜನಿಕರಲ್ಲಿ ಜಾಗೃತಿ ಮೂಡಿಸುವ ಕಾರ್ಯವನ್ನು ವಿದ್ಯಾರ್ಥಿಗಳು ಮಾಡಬೇಕು. ಐತಿಹಾಸಿಕ ಸ್ಮಾರಕಗಳ ಮೇಲೆ ಹೆಸರು ಬರೆಯುವುದು, ವಿರೂಪಗೊಳಿಸುವುದು ಅಪರಾಧವಾಗಿದ್ದು ಇದನ್ನು ತಡೆಗಟ್ಟುವಲ್ಲಿ ಎಲ್ಲರೂ ಕೈಜೋಡಿಸಬೇಕು ಎಂದು ಮನವಿ ಮಾಡಿದರು. ಈ ಸಂದರ್ಭದಲ್ಲಿ ಇಲಾಖೆಯ ಸಿಬ್ಬಂದಿ, ಎನ್‌ಎಸ್‌ಎಸ್ ಘಟಕದ ವಿದ್ಯಾರ್ಥಿಗಳು ಭಾಗವಹಿಸಿದ್ದರು.
ಆರುಂಡಿ ಗ್ರಾಮಕ್ಕೆ ಅಧಿಕಾರಿಗಳ ಭೇಟಿ: ಅಕ್ರಮ ಗಣಿಗಾರಿಕೆ,
ಕ್ರಷರ್ ಸ್ಥಗಿತಕ್ಕೆ ಜಿ. ಬಿ. ವಿನಯ್ ಕುಮಾರ್ ಆಗ್ರಹ
ದಾವಣಗೆರೆ: ಹೊನ್ನಾಳಿ – ನ್ಯಾಮತಿ ಅವಳಿ ತಾಲೂಕಿನ ಆರುಂಡಿ ಗ್ರಾಮದಲ್ಲಿ ಕಲ್ಲು ಕ್ವಾರಿಗಳಿಂದ ಆಗುತ್ತಿರುವ ಸಮಸ್ಯೆಗಳ ಬಗ್ಗೆ ಹೋರಾಟ ನಡೆಸಿದ ಹಿನ್ನೆಲೆಯಲ್ಲಿ ದಾವಣಗೆರೆ ಅಪರ ಜಿಲ್ಲಾಧಿಕಾರಿ ಪಿ.ಎನ್. ಲೋಕೇಶ್, ಉಪವಿಭಾಗಾಧಿಕಾರಿ ಅಭಿಷೇಕ್, ರಕ್ಷಣಾ ಸೇರಿದಂತೆ ವಿವಿಧ ಇಲಾಖೆಯ ಅಧಿಕಾರಿಗಳು ಭೇಟಿ ನೀಡಿದರು. ಭೇಟಿ ನೀಡಿ ಮಾತುಕತೆ ನಡೆಸಿದ ವೇಳೆ ಜನರ ಸಂಕಷ್ಟ ಆಲಿಸಿ ಪರಿಶೀಲನೆ ನಡೆಸಿದರು. ಸ್ವಾಮೀಜಿಯ ಬಳಗದ ರಾಜ್ಯಾಧ್ಯಕ್ಷ ಜಿ. ಬಿ. ವಿನಯ್ ಕುಮಾರ್ ಅವರು, ರೈತರು ಹಾಗೂ ಗ್ರಾಮಸ್ಥರು ಸಮಸ್ಯೆ ಹೇಳಿಕೊಂಡರು. ಕುಡಿಯುವ ನೀರಿನ ಸಮಸ್ಯೆ, ಬೆಳೆ ಹಾನಿ ಹಾಗೂ ಕ್ರಷರ್ ಸ್ಥಗಿತಗೊಳಿಸುವಂತೆ ಒತ್ತಾಯಿಸಿದರು. ಈ ವೇಳೆ ಮಾತನಾಡಿದ ಜಿ. ಬಿ. ವಿನಯ್ ಕುಮಾರ್ ಅವರು, ಊರಿನ ಸಮಸ್ಯೆಯನ್ನು ಅಧಿಕಾರಿಗಳು ಪರಿಹರಿಸಬೇಕು. ಜನರು ಆತಂಕದಲ್ಲಿದ್ದಾರೆ. ಅಧಿಕಾರಿಗಳು ಇಲ್ಲಿಗೆ ಬಂದು ನೋಡಬೇಕು. ಧೂಳಿನಿಂದ ಹೊಲ ಗದ್ದೆಗಳು ಹಾಳಾಗುತ್ತಿವೆ. ಮಕ್ಕಳು ಆರೋಗ್ಯದ ಸಮಸ್ಯೆ ಎದುರಿಸುತ್ತಿದ್ದಾರೆ. ಈ ಬಗ್ಗೆ ಕೂಡಲೇ ಗಮನ ಹರಿಸಬೇಕು. 100 ಮೀಟರ್ ಅಂತರದಲ್ಲಿ ಮನೆಗಳಿವೆ. 500 ಮೀಟರ್ ದೂರದಲ್ಲಿ ಕ್ರಷರ್ ಇರಬೇಕು ಎಂಬ ನಿಯಮ ಇದೆ. ಈ ನಿಯಮ ಪಾಲನೆ ಆಗಿಲ್ಲ. 2011ರಲ್ಲಿ ಕ್ರಷರ್ ಆರಂಭವಾಗಿದ್ದು ಅಂದಿನಿಂದ ಇಂದಿನವರೆಗೆ ಸಮಸ್ಯೆಗಳು ಉಂಟಾಗುತ್ತಿವೆ ಎಂದು ಆರೋಪಿಸಿದರು.
ಅಧಿಕಾರಿಗಳು ಸೂಕ್ತ ಕ್ರಮ ಕೈಗೊಳ್ಳಬೇಕು ಎಂದು ಒತ್ತಾಯಿಸಿದರು. ಗ್ರಾಮದಲ್ಲಿ ಸುಮಾರು 2 ಸಾವಿರ ಜನಸಂಖ್ಯೆ ಇದೆ. ಕಲ್ಲು ಗಣಿಗಾರಿಕೆಯಿಂದ ಭಾರಿ ಶಬ್ದ ಮತ್ತು ಧೂಳು ಉಂಟಾಗುತ್ತಿದೆ. ಗ್ರಾಮಸ್ಥರಿಗೆ ಉಸಿರಾಟದ ತೊಂದರೆ ಆಗುತ್ತಿದೆ. ಬ್ಲಾಸ್ಟಿಂಗ್‌ನಿಂದ ಮನೆಗಳ ಗೋಡೆಗಳು ಬಿರುಕು ಬಿಡುತ್ತಿವೆ. ಗ್ರಾಮದ ಕೆರೆಗಳು ಬತ್ತಿ ಹೋಗಿವೆ. ಕುಡಿಯುವ ನೀರಿನ ಮೂಲಗಳು ಕಲುಷಿತಗೊಂಡಿವೆ. ಅಂತರ್ಜಲ ಮಟ್ಟ ಕುಸಿದಿದೆ. ಜನರ ಆರೋಗ್ಯದ ದೃಷ್ಟಿಯಿಂದ ತಕ್ಷಣವೇ ಕ್ರಷರ್ ಸ್ಥಗಿತಗೊಳಿಸಬೇಕು ಎಂದರು. ಗ್ರಾಮದ ದೇವಸ್ಥಾನ, ಶಾಲೆ ಹಾಗೂ ಅಂಗನವಾಡಿ ಸಮೀಪದಲ್ಲೇ ಕ್ರಷರ್ ಇದ್ದು ಮಕ್ಕಳ ಶಿಕ್ಷಣದ ಮೇಲೆ ಪರಿಣಾಮ ಬೀರುತ್ತಿದೆ. ಇದು ಸಹಿಸಲು ಸಾಧ್ಯವಿಲ್ಲ. ಅಧಿಕಾರಿಗಳು ಜನರ ಸಮಸ್ಯೆಗೆ ಸ್ಪಂದಿಸಬೇಕು ಎಂದು ಆಗ್ರಹಿಸಿದರು.
ಗ್ರಾಮದಲ್ಲಿ ನಡೆಯುತ್ತಿರುವ ಪ್ರತಿಯೊಂದು ಕ್ವಾರಿಗಳಲ್ಲಿ ಯಾವುದೇ ತಡೆಗೋಡೆ ಇಲ್ಲ. ಜನರ ಸಮಸ್ಯೆಗೆ ಪರಿಹಾರ ನೀಡದೆ ಗಣಿಗಾರಿಕೆ ನಡೆಸುತ್ತಿದ್ದಾರೆ. ಈ ಬಗ್ಗೆ ತನಿಖೆ ನಡೆಸಬೇಕು. ಅಕ್ರಮ ಗಣಿಗಾರಿಕೆ ನಿಲ್ಲಿಸದಿದ್ದರೆ ಉಗ್ರ ಹೋರಾಟ ಮಾಡಲಾಗುವುದು. ಜನರ ಹಿತ ಕಾಪಾಡುವುದು ಅಧಿಕಾರಿಗಳ ಕರ್ತವ್ಯ. ಗ್ರಾಮಸ್ಥರ ಜೊತೆ ನಾವು ಇದ್ದೇವೆ ಎಂದು ಹೇಳಿದರು. ಆರುಂಡಿ ಗ್ರಾಮದ ಶಾಲಾ ಮಕ್ಕಳಿಗೆ ಕಲ್ಲುಗಳು ಸಿಡಿದು ಗಾಯಗಳಾಗಿವೆ. ಶಾಲೆಯ ಪಕ್ಕದಲ್ಲೇ ಕ್ವಾರಿ ಇದೆ. ಮಕ್ಕಳ ಜೀವಕ್ಕೆ ಅಪಾಯ ಉಂಟಾಗುವ ಮೊದಲೇ ಸರ್ಕಾರ ಎಚ್ಚೆತ್ತುಕೊಳ್ಳಬೇಕು. ಅನೇಕ ಕಾಯಿಲೆಗಳು, ಚರ್ಮರೋಗಗಳು ಕಾಣಿಸಿಕೊಳ್ಳುತ್ತಿವೆ. ಪೋಷಕರು ಆತಂಕದಲ್ಲಿ ಇದ್ದಾರೆ. ಕ್ರಷರ್ ಸ್ಥಗಿತಗೊಳಿಸುವವರೆಗೆ ಹೋರಾಟ ನಿಲ್ಲುವುದಿಲ್ಲ. ಸರ್ಕಾರ ಕೂಡಲೇ ಕ್ರಮ ಕೈಗೊಳ್ಳಬೇಕು ಎಂದು ಒತ್ತಾಯಿಸಿದರು.
ಆರುಂಡಿ ಗ್ರಾಮ ಕೃಷಿ ಅವಲಂಬಿತ ಪ್ರದೇಶ. ಇಲ್ಲಿನ ರೈತರು ಅಡಿಕೆ, ಭತ್ತ, ಮೆಕ್ಕೆಜೋಳ ಬೆಳೆಯುತ್ತಾರೆ. ಕ್ರಷರ್ ಧೂಳಿನಿಂದ ಬೆಳೆಗಳ ಮೇಲೆ ಧೂಳು ಕುಳಿತು ಬೆಳೆ ಹಾನಿಯಾಗುತ್ತಿದೆ. ಇದರಿಂದ ರೈತರು ಆರ್ಥಿಕ ನಷ್ಟ ಅನುಭವಿಸುತ್ತಿದ್ದಾರೆ. ಈ ಬಗ್ಗೆ ಪರಿಹಾರ ನೀಡಬೇಕು. ಈ ಹಿಂದೆ ಗ್ರಾಮಸ್ಥರು ಪ್ರತಿಭಟನೆ ನಡೆಸಿದ್ದರೂ ಪ್ರಯೋಜನವಾಗಿಲ್ಲ. ಗ್ರಾಮ ಪಂಚಾಯಿತಿ ಅನುಮತಿ ಇಲ್ಲದೆ ಕ್ರಷರ್ ನಡೆಸಲಾಗುತ್ತಿದೆ. ಇದರ ಬಗ್ಗೆ ತನಿಖೆ ನಡೆಸಿ ತಪ್ಪಿತಸ್ಥರ ವಿರುದ್ಧ ಕ್ರಮ ಕೈಗೊಳ್ಳಬೇಕು ಎಂದು ಆಗ್ರಹಿಸಿದರು. ತಹಶೀಲ್ದಾರ್ ಅವರು ಗ್ರಾಮಸ್ಥರ ಮನವಿ ಸ್ವೀಕರಿಸಿದರು. ಜಿಲ್ಲಾಧಿಕಾರಿಗಳ ಗಮನಕ್ಕೆ ತಂದು ಸೂಕ್ತ ಕ್ರಮ ಕೈಗೊಳ್ಳುವುದಾಗಿ ಭರವಸೆ ನೀಡಿದರು. ಪರಿಶೀಲನೆ ನಡೆಸಿ ವರದಿ ನೀಡುವುದಾಗಿ ತಿಳಿಸಿದರು. ಈ ಸಂದರ್ಭದಲ್ಲಿ ಗ್ರಾಮದ ಮುಖಂಡರು, ಮಹಿಳೆಯರು, ಯುವಕರು, ಸ್ವಾಮೀಜಿಯ ಬಳಗದ ಕಾರ್ಯಕರ್ತರು, ಗ್ರಾಮಸ್ಥರು ಹಾಜರಿದ್ದರು.
ಮಾಸಿಕ ಗಮಕ ಸಂಭ್ರಮ
ಚಿತ್ರದುರ್ಗ: ಚಿತ್ರದುರ್ಗ ನಗರದ ಗಮಕ ಕಲಾಭಿಮಾನಿಗಳ ಸಂಘವು ನಡೆಸುತ್ತಿರುವ ಮಾಸಿಕ ಗಮಕ ವಾಚನ–ವ್ಯಾಖ್ಯಾನ ಸಂಭ್ರಮದ 20ನೇ ಕಾರ್ಯಕ್ರಮವು ಇದೇ ತಿಂಗಳ 22ರಂದು ಶನಿವಾರ ಸಂಜೆ 6 ಗಂಟೆಗೆ ನಗರದ ಜೆ.ಸಿ.ಆರ್ ಬಡಾವಣೆಯ ಗಣಪತಿ ದೇವಸ್ಥಾನದ ಆವರಣದಲ್ಲಿ ನಡೆಯಲಿದೆ. ಈ ಸಂದರ್ಭದಲ್ಲಿ ಕುಮಾರ ವ್ಯಾಸ ಭಾರತದ ಉದ್ಯೋಗ ಪರ್ವದ ವಿಶ್ವರೂಪ ದರ್ಶನ ಪ್ರಸಂಗವನ್ನು ಪ್ರಸ್ತುತಪಡಿಸಲಿದ್ದಾರೆ. ಬೆಂಗಳೂರಿನ ಸುಮಾ ಸುಧೀಂದ್ರ ವಾಚನ ಮಾಡಲಿದ್ದು, ಚಿತ್ರದುರ್ಗದ ಹಿರಿಯ ವಿದ್ವಾಂಸರೊಬ್ಬರು ವ್ಯಾಖ್ಯಾನ ನೀಡಲಿದ್ದಾರೆ. ಇಡೀ ಕಾರ್ಯಕ್ರಮಕ್ಕೆ ಸರ್ವರಿಗೂ ಆದರದ ಸ್ವಾಗತವನ್ನು ಕೋರಲಾಗಿದೆ. ಮುಖ್ಯ ಅತಿಥಿಗಳಾಗಿ ಕಲಾ ಪೋಷಕರಾದ ಶ್ರೀಕಾಂತ್ ಭಾಗವಹಿಸಲಿದ್ದಾರೆ.
PANADAVA REGIONAL KANNADA DAILY MORNING, Editor, Printer & Owner by :S.T. VEDAMURTHY, A.P.M.C Road, Halageri Chawl, Ranebennur - 581 115
Haveri - Dist, Karnataka State, Printed at : GAYATHRI PUBLICATIONS, Nekar Colony, Industrial Area, Ranebennur, Haveri Dist, Karnataka State
